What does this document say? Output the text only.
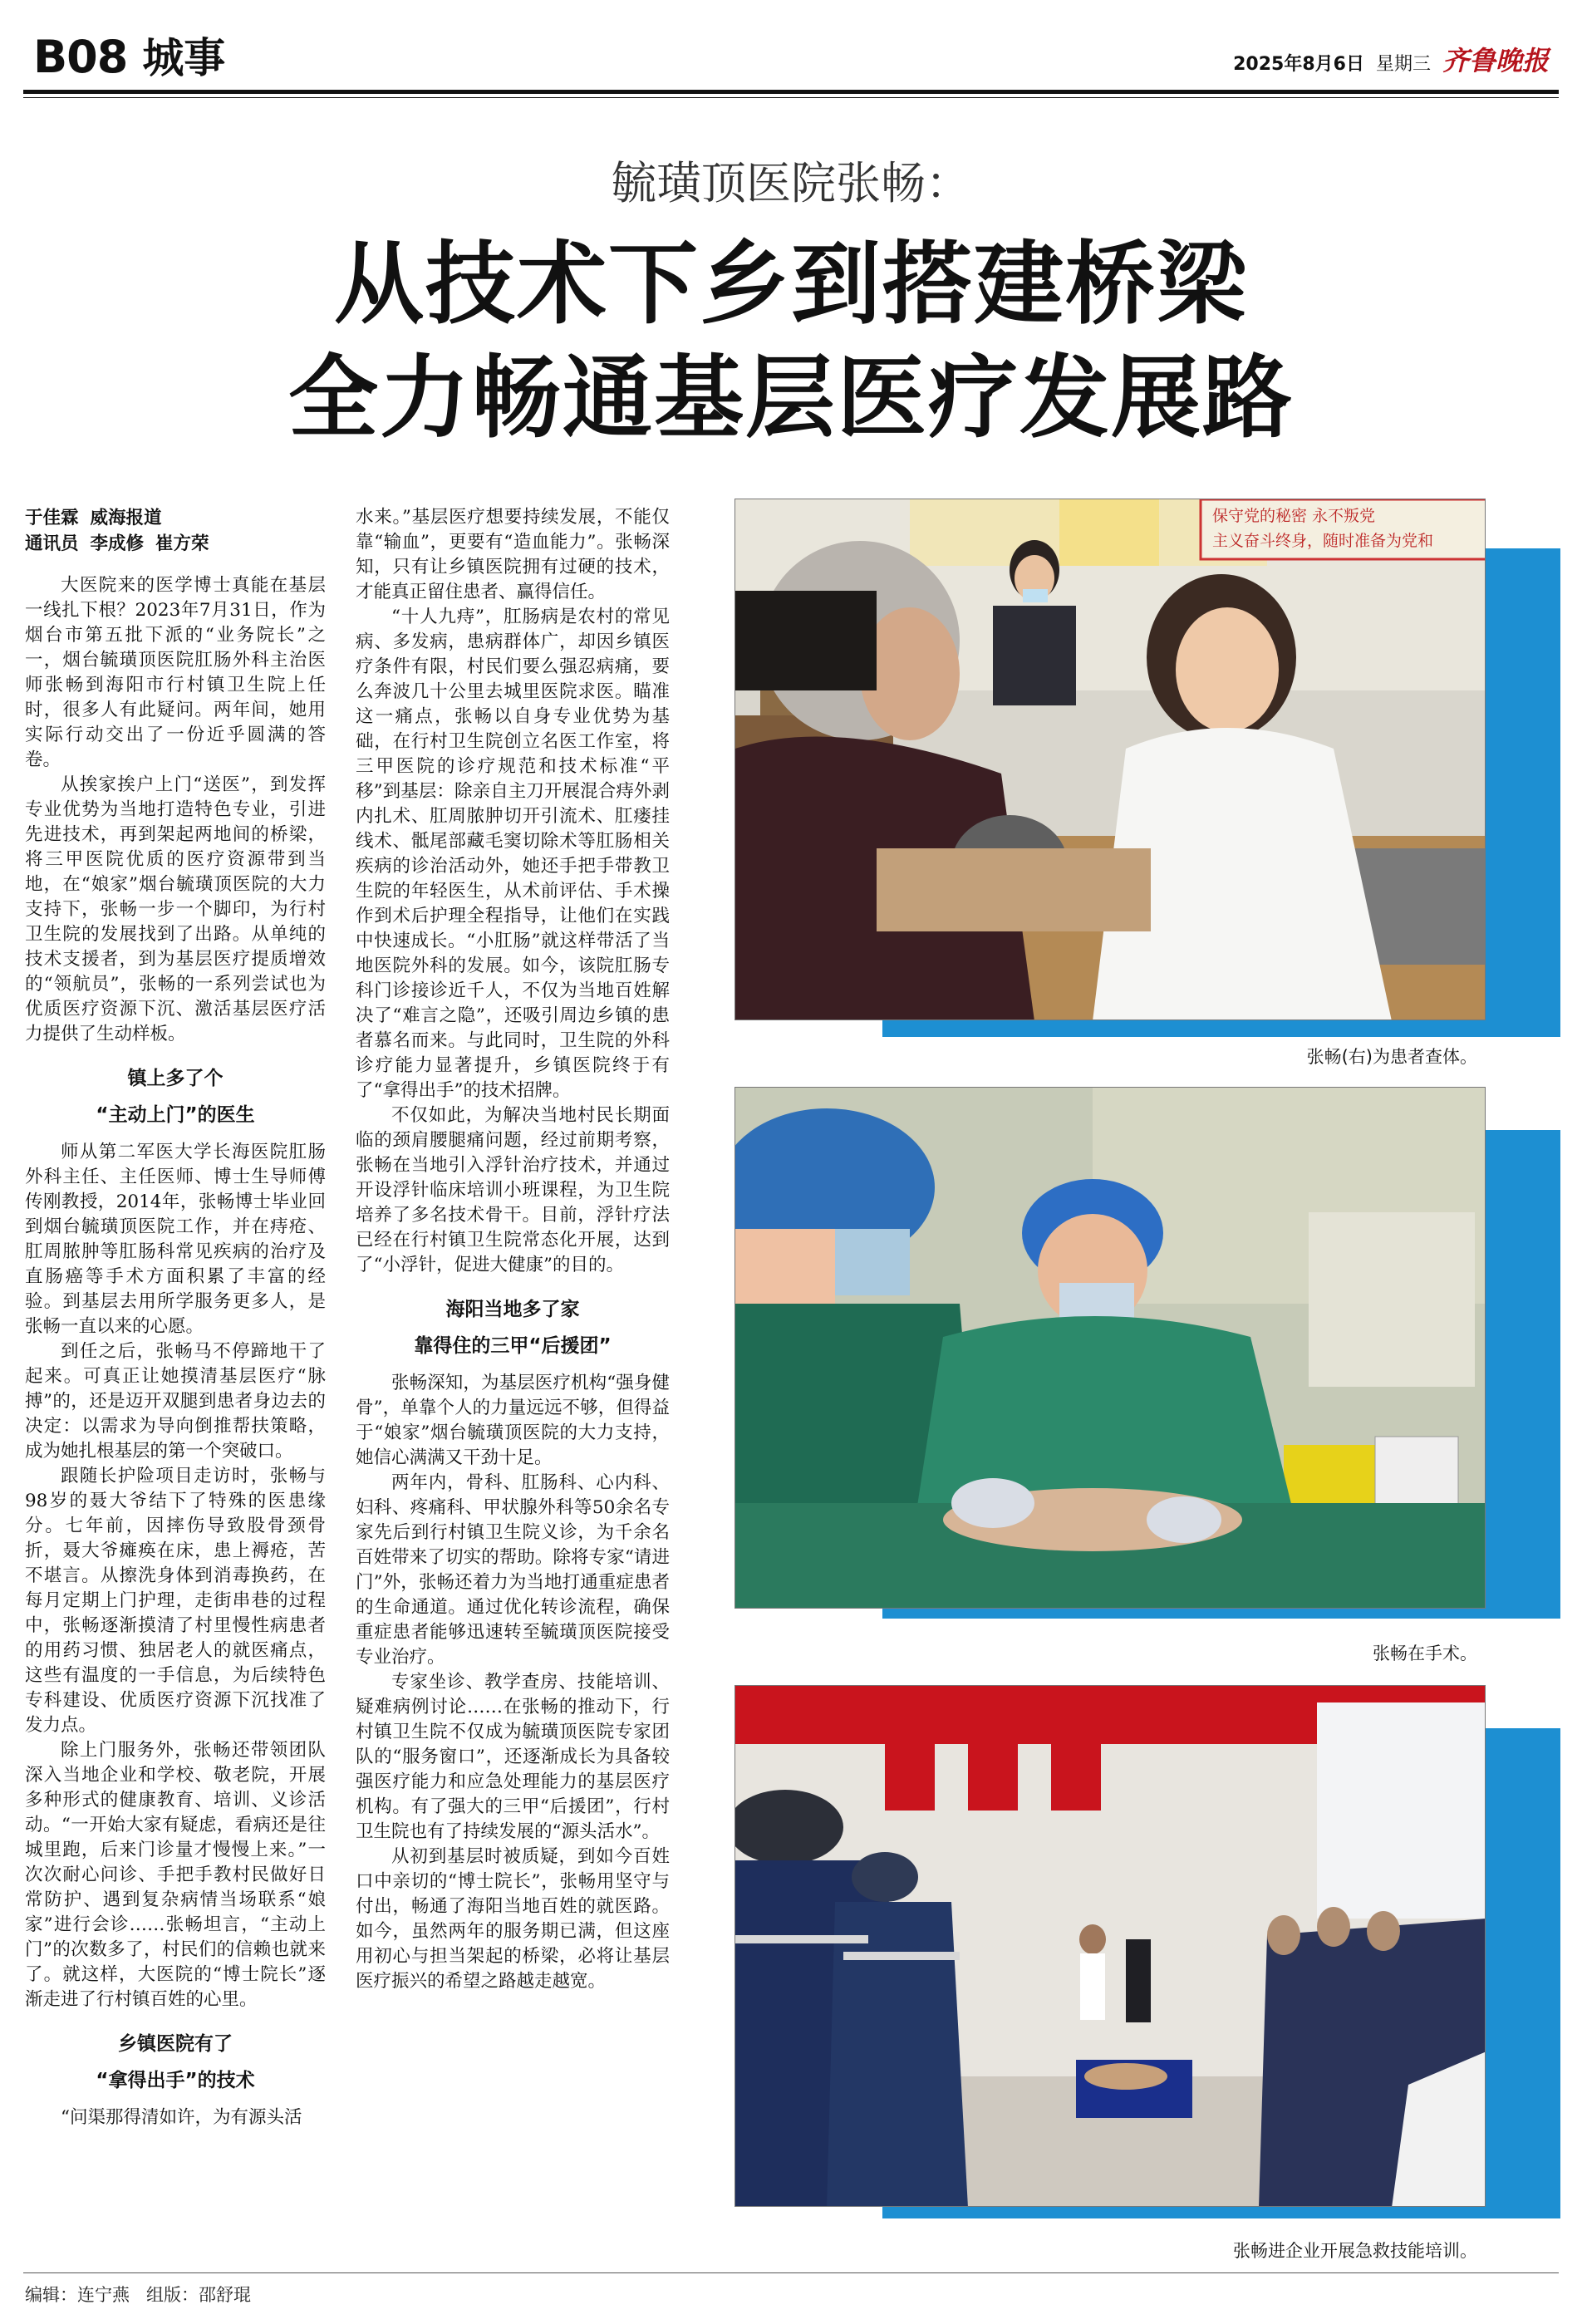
B08 城事	2025年8月6日 星期三 齐鲁晚报
毓璜顶医院张畅：
从技术下乡到搭建桥梁
全力畅通基层医疗发展路
于佳霖 威海报道
通讯员 李成修 崔方荣

大医院来的医学博士真能在基层一线扎下根？2023年7月31日，作为烟台市第五批下派的“业务院长”之一，烟台毓璜顶医院肛肠外科主治医师张畅到海阳市行村镇卫生院上任时，很多人有此疑问。两年间，她用实际行动交出了一份近乎圆满的答卷。

从挨家挨户上门“送医”，到发挥专业优势为当地打造特色专业，引进先进技术，再到架起两地间的桥梁，将三甲医院优质的医疗资源带到当地，在“娘家”烟台毓璜顶医院的大力支持下，张畅一步一个脚印，为行村卫生院的发展找到了出路。从单纯的技术支援者，到为基层医疗提质增效的“领航员”，张畅的一系列尝试也为优质医疗资源下沉、激活基层医疗活力提供了生动样板。

镇上多了个
“主动上门”的医生

师从第二军医大学长海医院肛肠外科主任、主任医师、博士生导师傅传刚教授，2014年，张畅博士毕业回到烟台毓璜顶医院工作，并在痔疮、肛周脓肿等肛肠科常见疾病的治疗及直肠癌等手术方面积累了丰富的经验。到基层去用所学服务更多人，是张畅一直以来的心愿。

到任之后，张畅马不停蹄地干了起来。可真正让她摸清基层医疗“脉搏”的，还是迈开双腿到患者身边去的决定：以需求为导向倒推帮扶策略，成为她扎根基层的第一个突破口。

跟随长护险项目走访时，张畅与98岁的聂大爷结下了特殊的医患缘分。七年前，因摔伤导致股骨颈骨折，聂大爷瘫痪在床，患上褥疮，苦不堪言。从擦洗身体到消毒换药，在每月定期上门护理，走街串巷的过程中，张畅逐渐摸清了村里慢性病患者的用药习惯、独居老人的就医痛点，这些有温度的一手信息，为后续特色专科建设、优质医疗资源下沉找准了发力点。

除上门服务外，张畅还带领团队深入当地企业和学校、敬老院，开展多种形式的健康教育、培训、义诊活动。“一开始大家有疑虑，看病还是往城里跑，后来门诊量才慢慢上来。”一次次耐心问诊、手把手教村民做好日常防护、遇到复杂病情当场联系“娘家”进行会诊……张畅坦言，“主动上门”的次数多了，村民们的信赖也就来了。就这样，大医院的“博士院长”逐渐走进了行村镇百姓的心里。

乡镇医院有了
“拿得出手”的技术

“问渠那得清如许，为有源头活

水来。”基层医疗想要持续发展，不能仅靠“输血”，更要有“造血能力”。张畅深知，只有让乡镇医院拥有过硬的技术，才能真正留住患者、赢得信任。

“十人九痔”，肛肠病是农村的常见病、多发病，患病群体广，却因乡镇医疗条件有限，村民们要么强忍病痛，要么奔波几十公里去城里医院求医。瞄准这一痛点，张畅以自身专业优势为基础，在行村卫生院创立名医工作室，将三甲医院的诊疗规范和技术标准“平移”到基层：除亲自主刀开展混合痔外剥内扎术、肛周脓肿切开引流术、肛瘘挂线术、骶尾部藏毛窦切除术等肛肠相关疾病的诊治活动外，她还手把手带教卫生院的年轻医生，从术前评估、手术操作到术后护理全程指导，让他们在实践中快速成长。“小肛肠”就这样带活了当地医院外科的发展。如今，该院肛肠专科门诊接诊近千人，不仅为当地百姓解决了“难言之隐”，还吸引周边乡镇的患者慕名而来。与此同时，卫生院的外科诊疗能力显著提升，乡镇医院终于有了“拿得出手”的技术招牌。

不仅如此，为解决当地村民长期面临的颈肩腰腿痛问题，经过前期考察，张畅在当地引入浮针治疗技术，并通过开设浮针临床培训小班课程，为卫生院培养了多名技术骨干。目前，浮针疗法已经在行村镇卫生院常态化开展，达到了“小浮针，促进大健康”的目的。

海阳当地多了家
靠得住的三甲“后援团”

张畅深知，为基层医疗机构“强身健骨”，单靠个人的力量远远不够，但得益于“娘家”烟台毓璜顶医院的大力支持，她信心满满又干劲十足。

两年内，骨科、肛肠科、心内科、妇科、疼痛科、甲状腺外科等50余名专家先后到行村镇卫生院义诊，为千余名百姓带来了切实的帮助。除将专家“请进门”外，张畅还着力为当地打通重症患者的生命通道。通过优化转诊流程，确保重症患者能够迅速转至毓璜顶医院接受专业治疗。

专家坐诊、教学查房、技能培训、疑难病例讨论……在张畅的推动下，行村镇卫生院不仅成为毓璜顶医院专家团队的“服务窗口”，还逐渐成长为具备较强医疗能力和应急处理能力的基层医疗机构。有了强大的三甲“后援团”，行村卫生院也有了持续发展的“源头活水”。

从初到基层时被质疑，到如今百姓口中亲切的“博士院长”，张畅用坚守与付出，畅通了海阳当地百姓的就医路。如今，虽然两年的服务期已满，但这座用初心与担当架起的桥梁，必将让基层医疗振兴的希望之路越走越宽。

保守党的秘密 永不叛党
主义奋斗终身，随时准备为党和
张畅(右)为患者查体。
张畅在手术。
张畅进企业开展急救技能培训。
编辑：连宁燕 组版：邵舒琨
